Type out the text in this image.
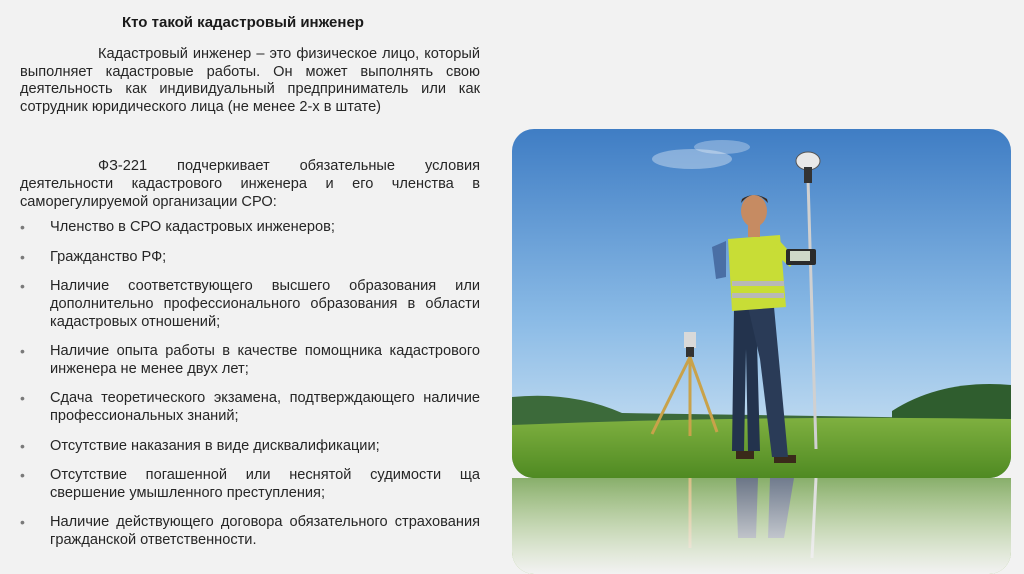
Кто такой кадастровый инженер

Кадастровый инженер – это физическое лицо, который выполняет кадастровые работы. Он может выполнять свою деятельность как индивидуальный предприниматель или как сотрудник юридического лица (не менее 2-х в штате)

ФЗ-221 подчеркивает обязательные условия деятельности кадастрового инженера и его членства в саморегулируемой организации СРО:

• Членство в СРО кадастровых инженеров;
• Гражданство РФ;
• Наличие соответствующего высшего образования или дополнительно профессионального образования в области кадастровых отношений;
• Наличие опыта работы в качестве помощника кадастрового инженера не менее двух лет;
• Сдача теоретического экзамена, подтверждающего наличие профессиональных знаний;
• Отсутствие наказания в виде дисквалификации;
• Отсутствие погашенной или неснятой судимости ща свершение умышленного преступления;
• Наличие действующего договора обязательного страхования гражданской ответственности.
